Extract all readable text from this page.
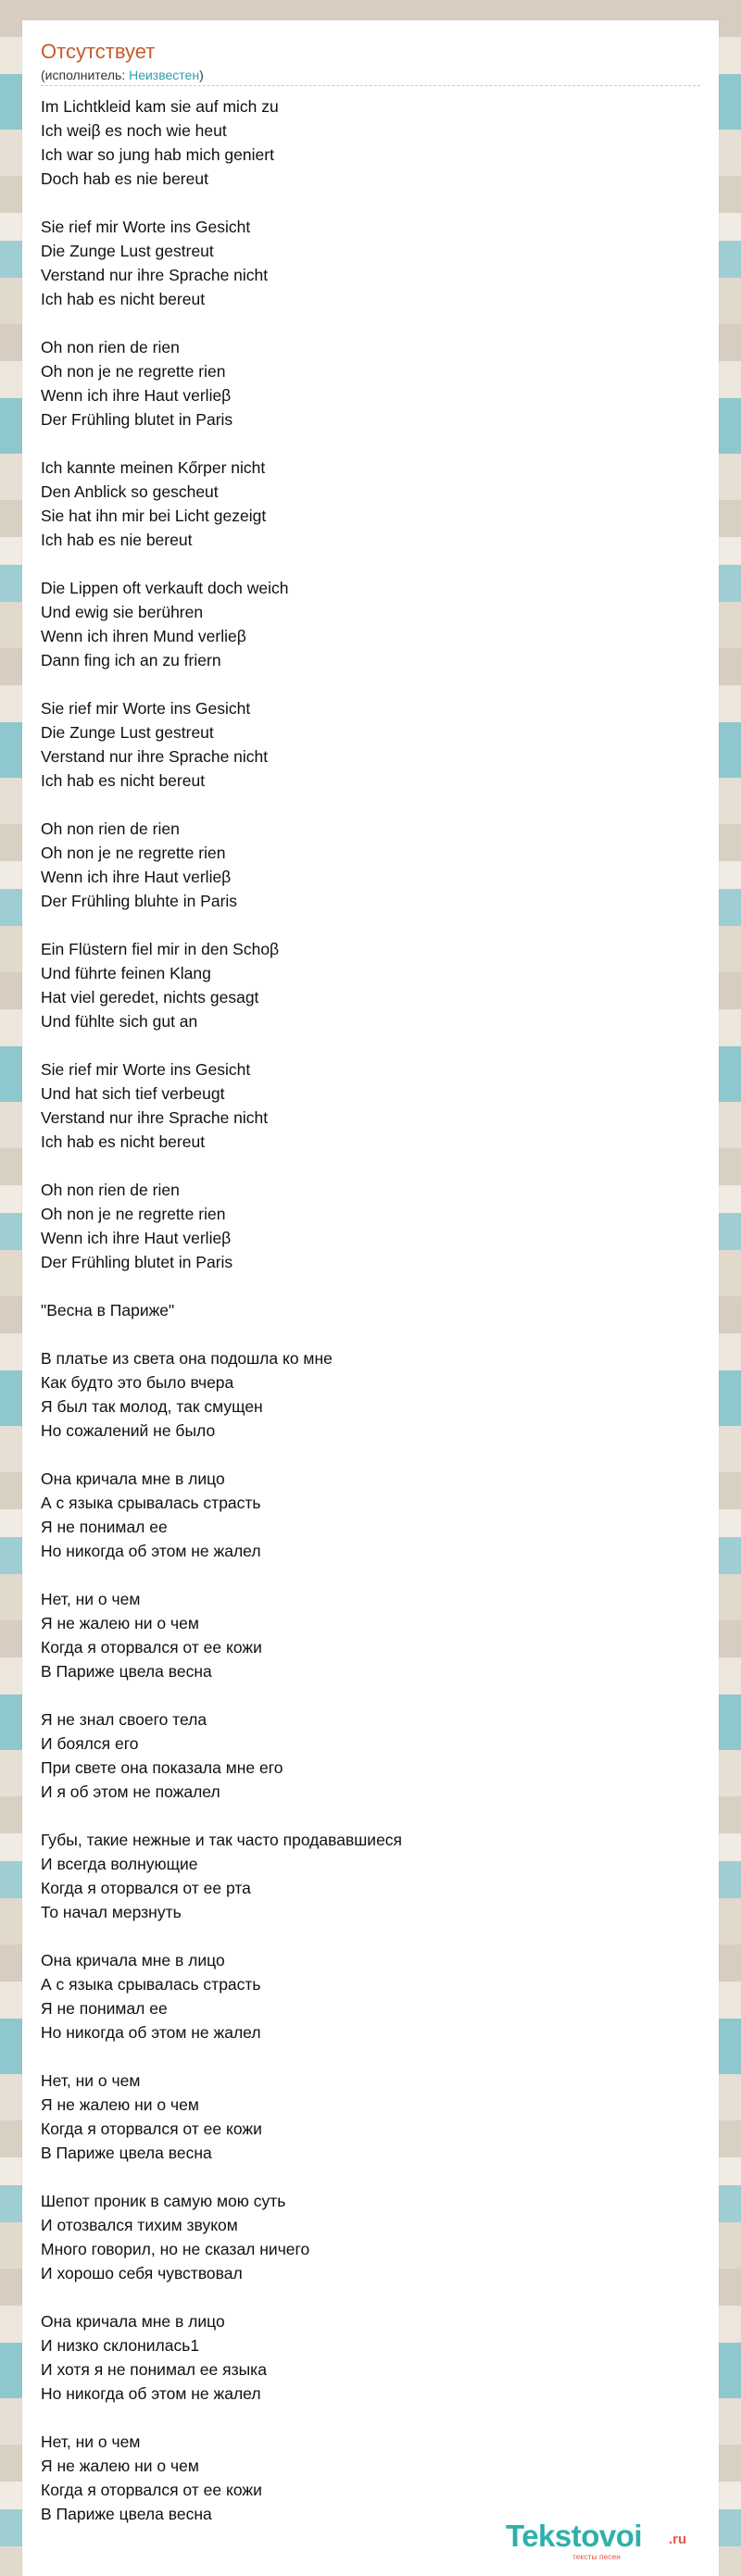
Отсутствует
(исполнитель: Неизвестен)
Im Lichtkleid kam sie auf mich zu
Ich weiβ es noch wie heut
Ich war so jung hab mich geniert
Doch hab es nie bereut
Sie rief mir Worte ins Gesicht
Die Zunge Lust gestreut
Verstand nur ihre Sprache nicht
Ich hab es nicht bereut
Oh non rien de rien
Oh non je ne regrette rien
Wenn ich ihre Haut verlieβ
Der Frühling blutet in Paris
Ich kannte meinen Kőrper nicht
Den Anblick so gescheut
Sie hat ihn mir bei Licht gezeigt
Ich hab es nie bereut
Die Lippen oft verkauft doch weich
Und ewig sie berühren
Wenn ich ihren Mund verlieβ
Dann fing ich an zu friern
Sie rief mir Worte ins Gesicht
Die Zunge Lust gestreut
Verstand nur ihre Sprache nicht
Ich hab es nicht bereut
Oh non rien de rien
Oh non je ne regrette rien
Wenn ich ihre Haut verlieβ
Der Frühling bluhte in Paris
Ein Flüstern fiel mir in den Schoβ
Und führte feinen Klang
Hat viel geredet, nichts gesagt
Und fühlte sich gut an
Sie rief mir Worte ins Gesicht
Und hat sich tief verbeugt
Verstand nur ihre Sprache nicht
Ich hab es nicht bereut
Oh non rien de rien
Oh non je ne regrette rien
Wenn ich ihre Haut verlieβ
Der Frühling blutet in Paris
"Весна в Париже"
В платье из света она подошла ко мне
Как будто это было вчера
Я был так молод, так смущен
Но сожалений не было
Она кричала мне в лицо
А с языка срывалась страсть
Я не понимал ее
Но никогда об этом не жалел
Нет, ни о чем
Я не жалею ни о чем
Когда я оторвался от ее кожи
В Париже цвела весна
Я не знал своего тела
И боялся его
При свете она показала мне его
И я об этом не пожалел
Губы, такие нежные и так часто продававшиеся
И всегда волнующие
Когда я оторвался от ее рта
То начал мерзнуть
Она кричала мне в лицо
А с языка срывалась страсть
Я не понимал ее
Но никогда об этом не жалел
Нет, ни о чем
Я не жалею ни о чем
Когда я оторвался от ее кожи
В Париже цвела весна
Шепот проник в самую мою суть
И отозвался тихим звуком
Много говорил, но не сказал ничего
И хорошо себя чувствовал
Она кричала мне в лицо
И низко склонилась1
И хотя я не понимал ее языка
Но никогда об этом не жалел
Нет, ни о чем
Я не жалею ни о чем
Когда я оторвался от ее кожи
В Париже цвела весна
Tekstovoi .ru
тексты песен
